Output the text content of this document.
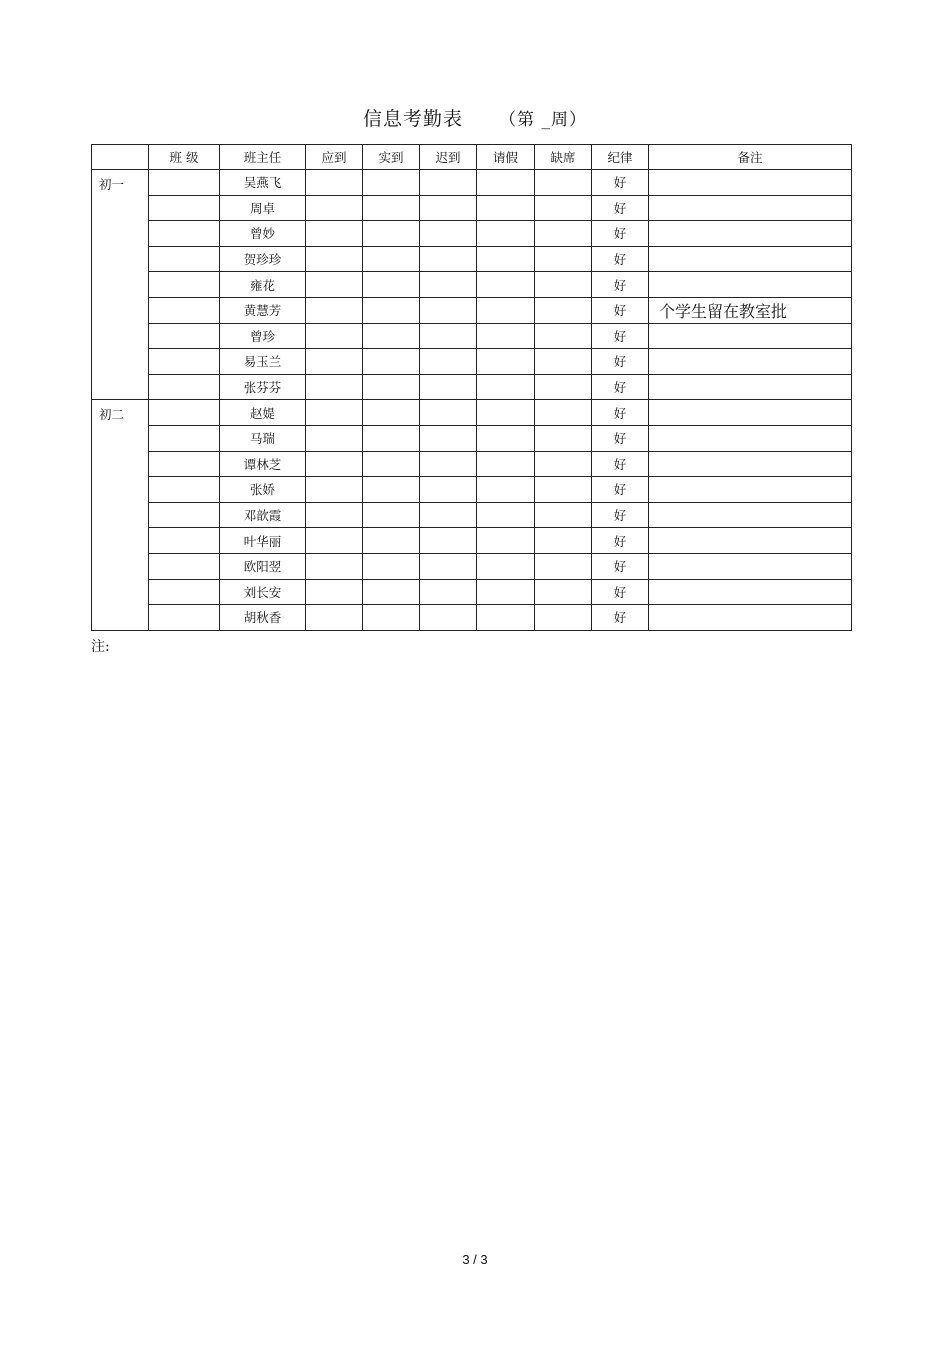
信息考勤表 （第 _周）
	班 级	班主任	应到	实到	迟到	请假	缺席	纪律	备注
初一		吴燕飞						好	
		周卓						好	
		曾妙						好	
		贺珍珍						好	
		雍花						好	
		黄慧芳						好	个学生留在教室批
		曾珍						好	
		易玉兰						好	
		张芬芬						好	
初二		赵媞						好	
		马瑞						好	
		谭林芝						好	
		张娇						好	
		邓歆霞						好	
		叶华丽						好	
		欧阳翌						好	
		刘长安						好	
		胡秋香						好	
注:
3 / 3
